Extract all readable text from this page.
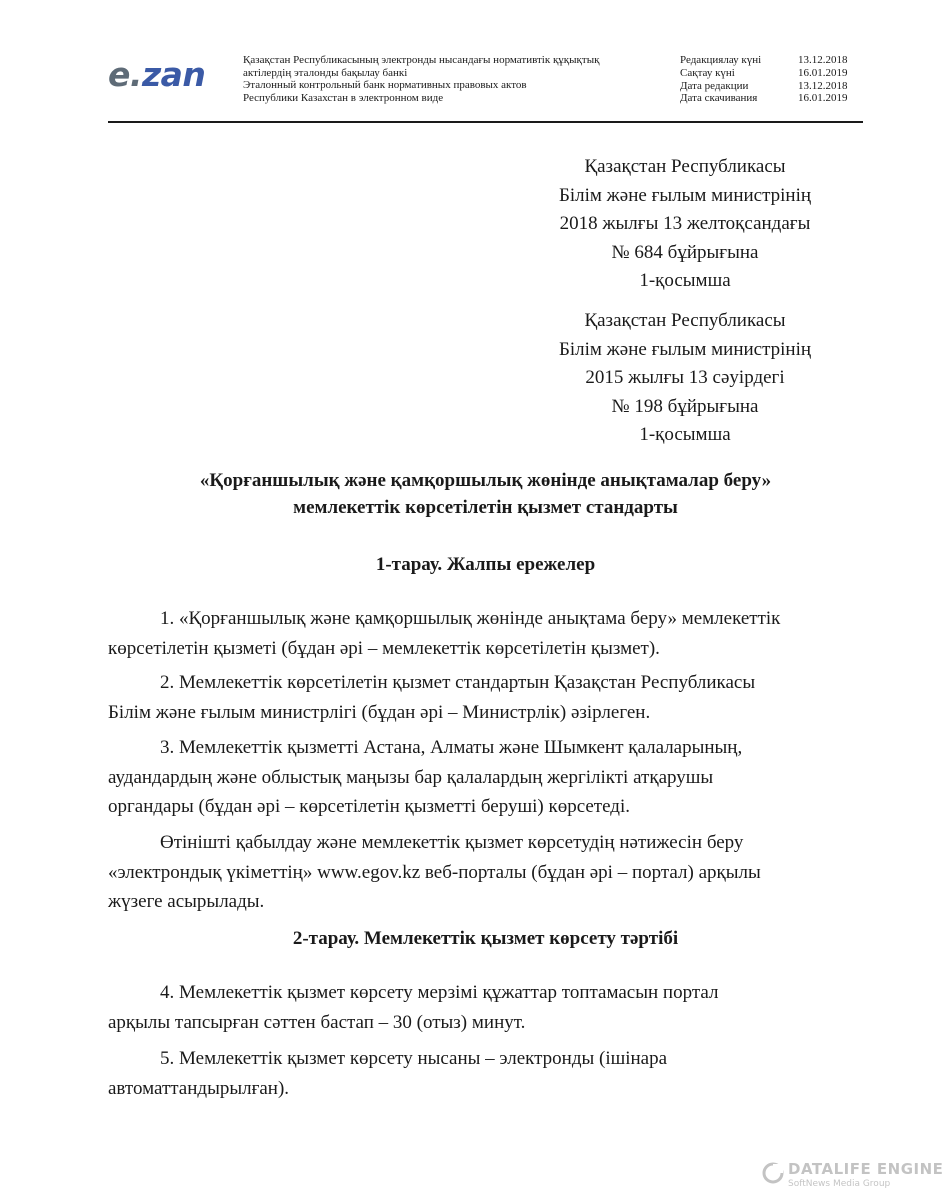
e.zan	Қазақстан Республикасының электронды нысандағы нормативтік құқықтық
актілердің эталонды бақылау банкі
Эталонный контрольный банк нормативных правовых актов
Республики Казахстан в электронном виде
Редакциялау күні	13.12.2018
Сақтау күні	16.01.2019
Дата редакции	13.12.2018
Дата скачивания	16.01.2019
Қазақстан Республикасы
Білім және ғылым министрінің
2018 жылғы 13 желтоқсандағы
№ 684 бұйрығына
1-қосымша
Қазақстан Республикасы
Білім және ғылым министрінің
2015 жылғы 13 сәуірдегі
№ 198 бұйрығына
1-қосымша
«Қорғаншылық және қамқоршылық жөнінде анықтамалар беру»
мемлекеттік көрсетілетін қызмет стандарты
1-тарау. Жалпы ережелер
1. «Қорғаншылық және қамқоршылық жөнінде анықтама беру» мемлекеттік
көрсетілетін қызметі (бұдан әрі – мемлекеттік көрсетілетін қызмет).
2. Мемлекеттік көрсетілетін қызмет стандартын Қазақстан Республикасы
Білім және ғылым министрлігі (бұдан әрі – Министрлік) әзірлеген.
3. Мемлекеттік қызметті Астана, Алматы және Шымкент қалаларының,
аудандардың және облыстық маңызы бар қалалардың жергілікті атқарушы
органдары (бұдан әрі – көрсетілетін қызметті беруші) көрсетеді.
Өтінішті қабылдау және мемлекеттік қызмет көрсетудің нәтижесін беру
«электрондық үкіметтің» www.egov.kz веб-порталы (бұдан әрі – портал) арқылы
жүзеге асырылады.
2-тарау. Мемлекеттік қызмет көрсету тәртібі
4. Мемлекеттік қызмет көрсету мерзімі құжаттар топтамасын портал
арқылы тапсырған сәттен бастап – 30 (отыз) минут.
5. Мемлекеттік қызмет көрсету нысаны – электронды (ішінара
автоматтандырылған).
DATALIFE ENGINE
SoftNews Media Group
